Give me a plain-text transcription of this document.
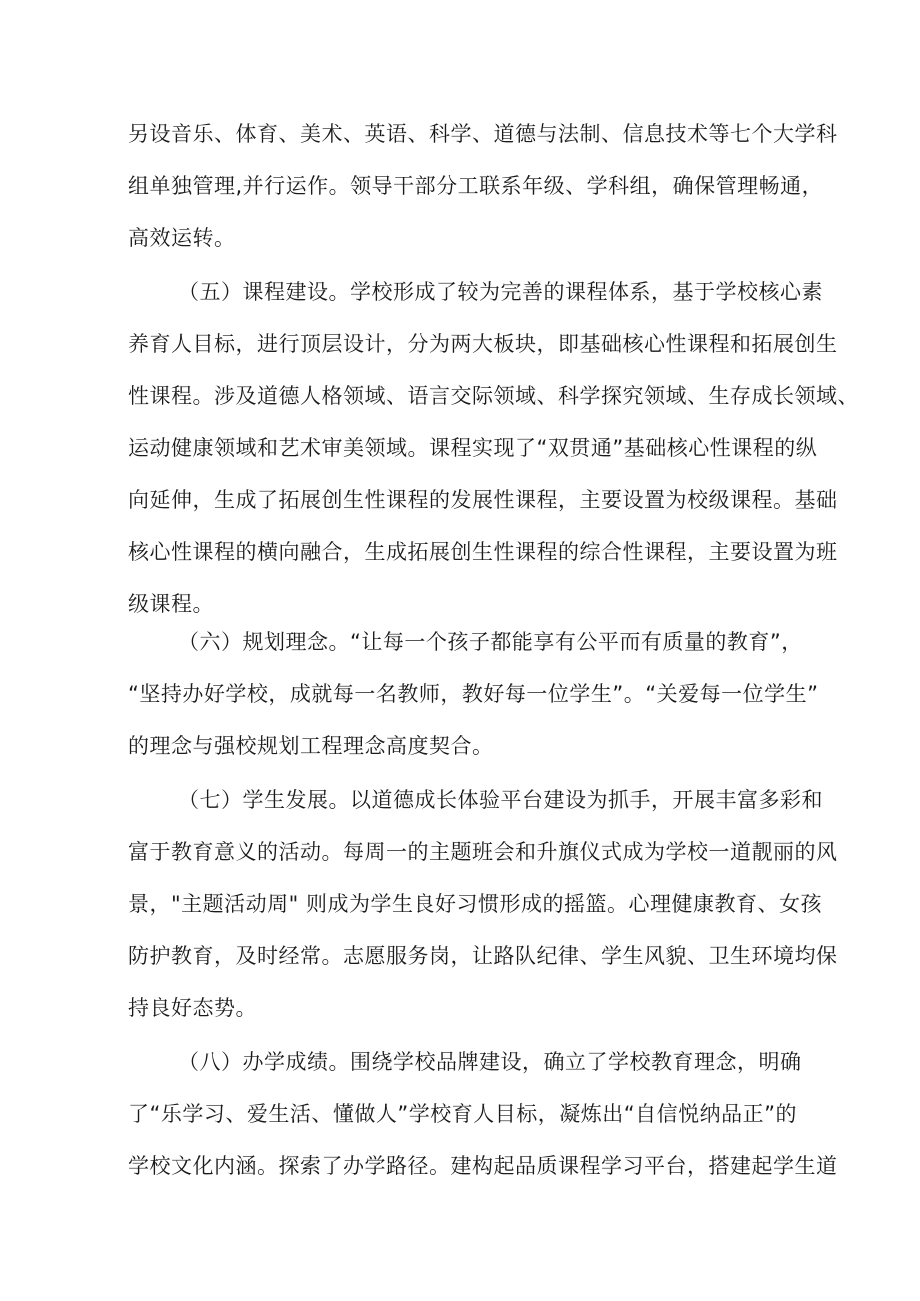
另设音乐、体育、美术、英语、科学、道德与法制、信息技术等七个大学科
组单独管理,并行运作。领导干部分工联系年级、学科组，确保管理畅通，
高效运转。
（五）课程建设。学校形成了较为完善的课程体系，基于学校核心素
养育人目标，进行顶层设计，分为两大板块，即基础核心性课程和拓展创生
性课程。涉及道德人格领域、语言交际领域、科学探究领域、生存成长领域、
运动健康领域和艺术审美领域。课程实现了“双贯通”基础核心性课程的纵
向延伸，生成了拓展创生性课程的发展性课程，主要设置为校级课程。基础
核心性课程的横向融合，生成拓展创生性课程的综合性课程，主要设置为班
级课程。
（六）规划理念。“让每一个孩子都能享有公平而有质量的教育”，
“坚持办好学校，成就每一名教师，教好每一位学生”。“关爱每一位学生”
的理念与强校规划工程理念高度契合。
（七）学生发展。以道德成长体验平台建设为抓手，开展丰富多彩和
富于教育意义的活动。每周一的主题班会和升旗仪式成为学校一道靓丽的风
景，"主题活动周" 则成为学生良好习惯形成的摇篮。心理健康教育、女孩
防护教育，及时经常。志愿服务岗，让路队纪律、学生风貌、卫生环境均保
持良好态势。
（八）办学成绩。围绕学校品牌建设，确立了学校教育理念，明确
了“乐学习、爱生活、懂做人”学校育人目标，凝炼出“自信悦纳品正”的
学校文化内涵。探索了办学路径。建构起品质课程学习平台，搭建起学生道
